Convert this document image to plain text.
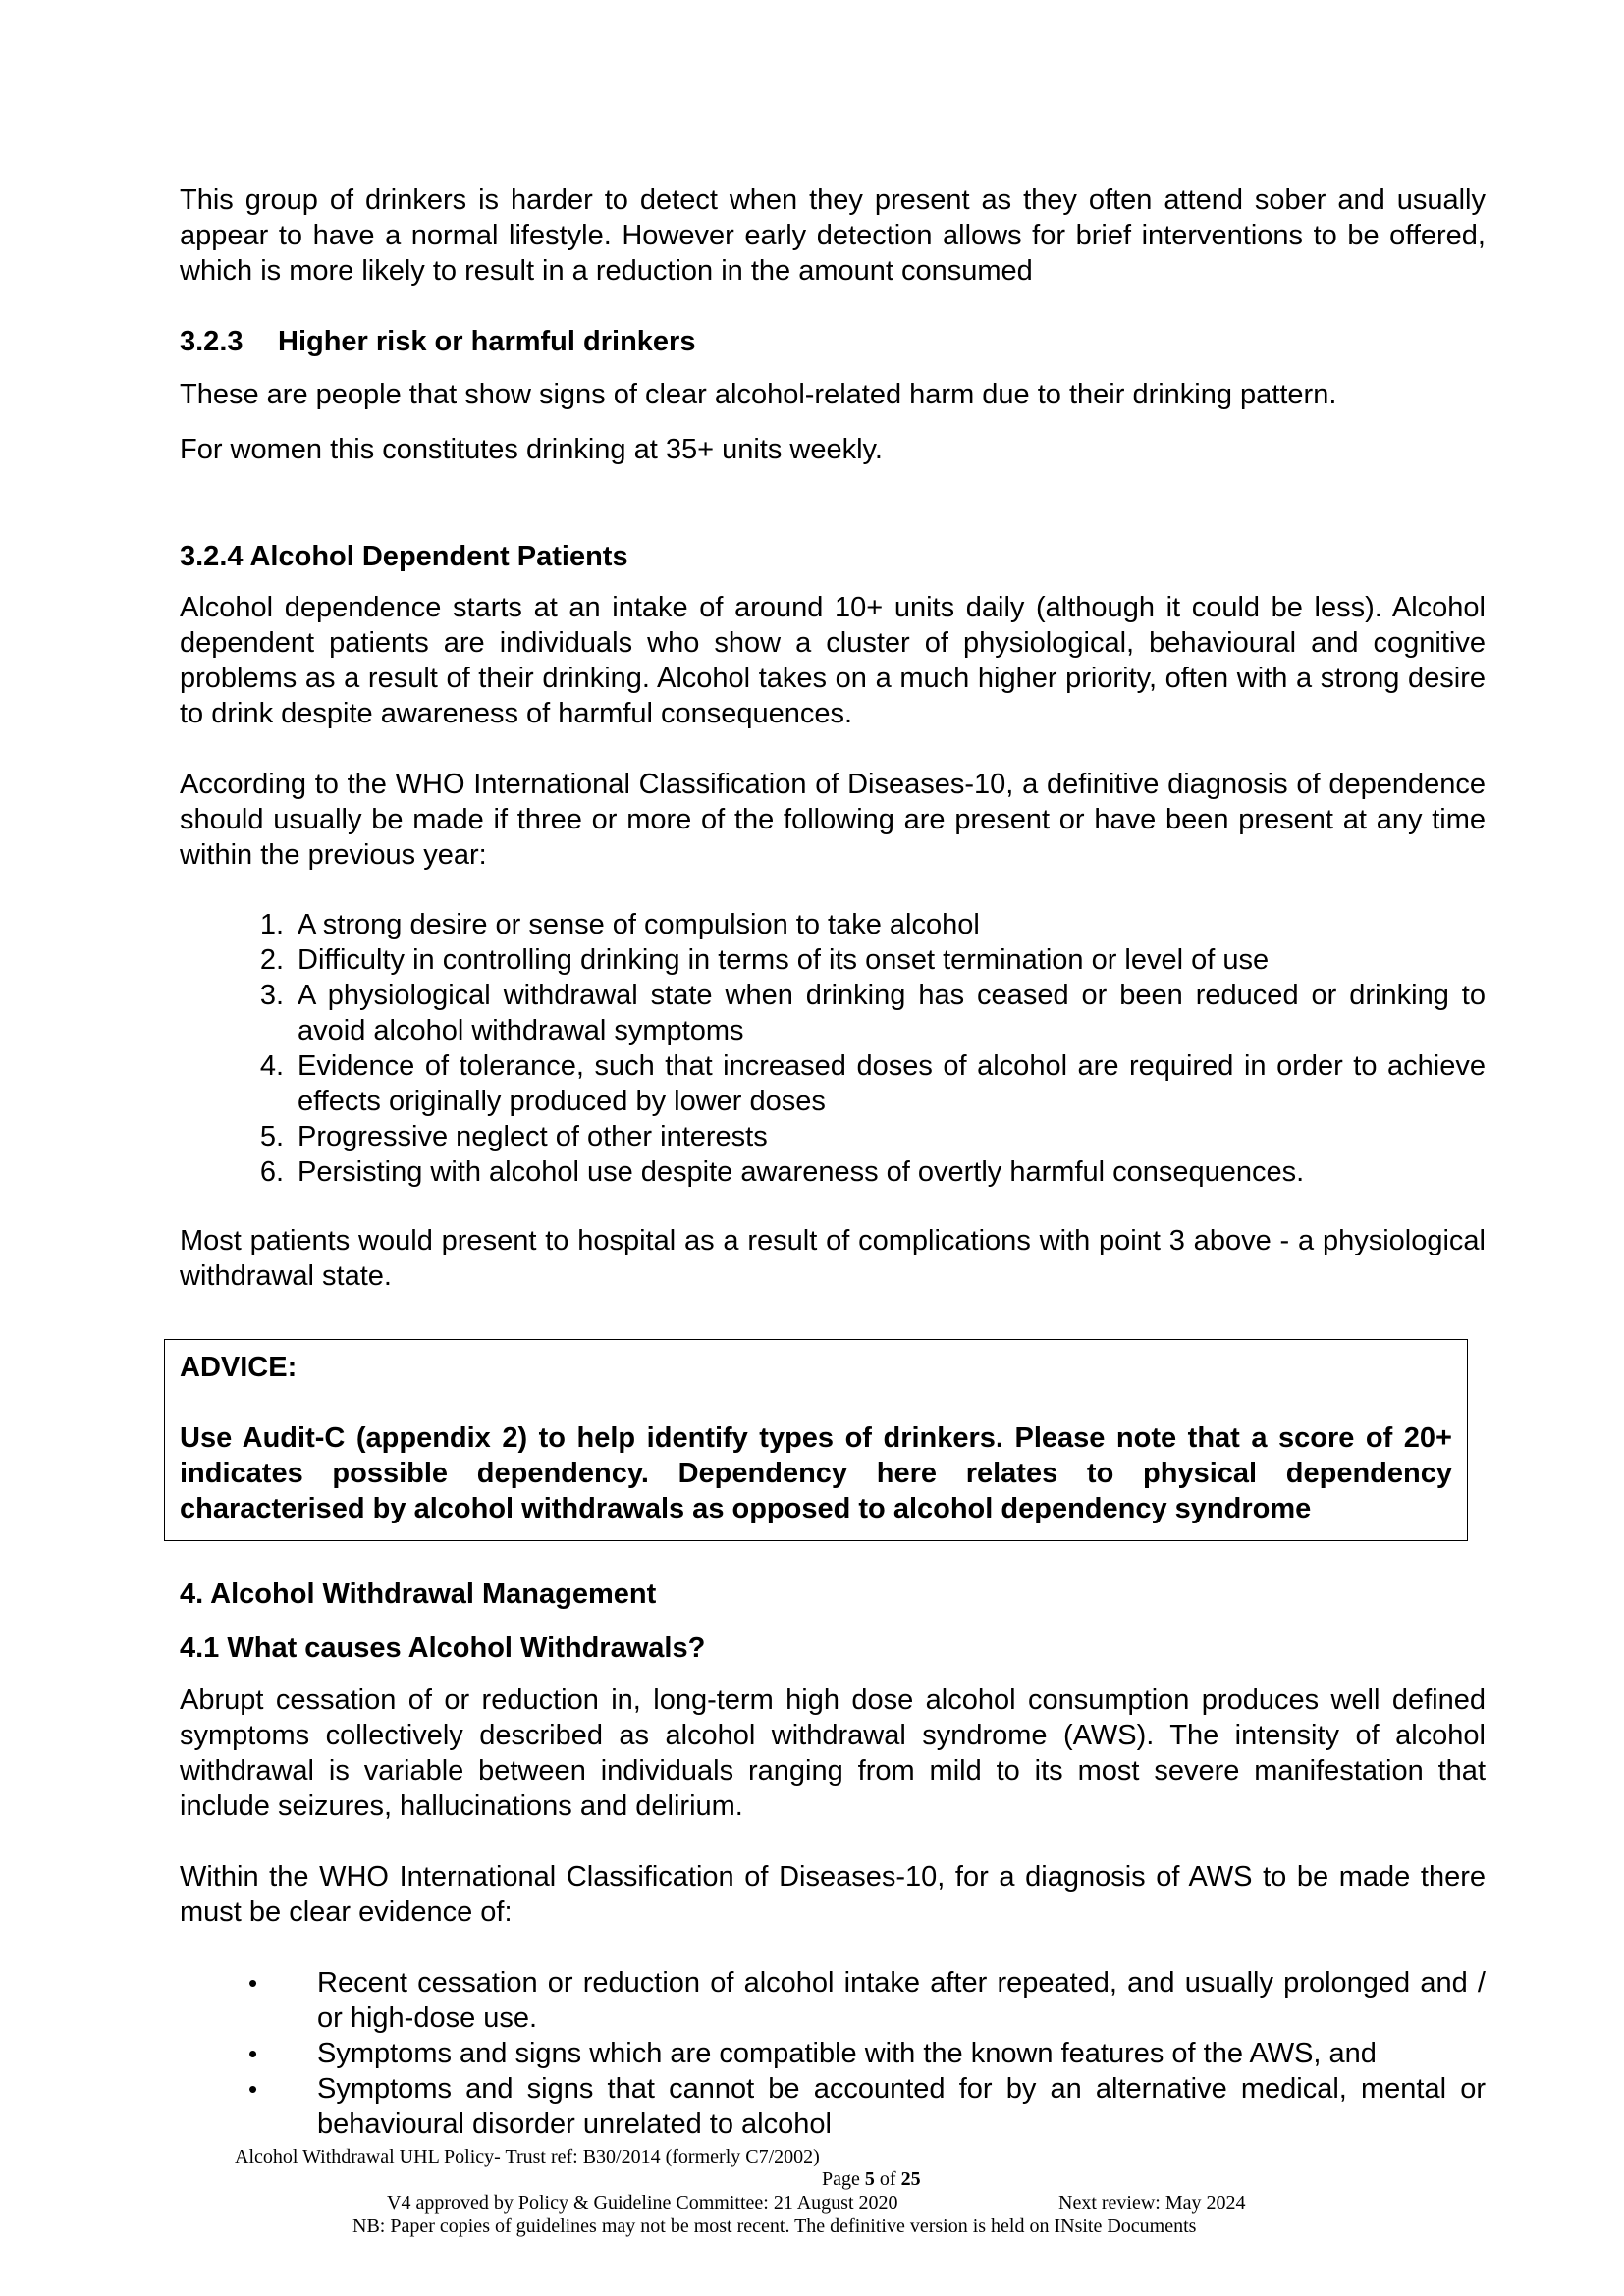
This group of drinkers is harder to detect when they present as they often attend sober and usually appear to have a normal lifestyle. However early detection allows for brief interventions to be offered, which is more likely to result in a reduction in the amount consumed

3.2.3 Higher risk or harmful drinkers

These are people that show signs of clear alcohol-related harm due to their drinking pattern.

For women this constitutes drinking at 35+ units weekly.

3.2.4 Alcohol Dependent Patients

Alcohol dependence starts at an intake of around 10+ units daily (although it could be less). Alcohol dependent patients are individuals who show a cluster of physiological, behavioural and cognitive problems as a result of their drinking. Alcohol takes on a much higher priority, often with a strong desire to drink despite awareness of harmful consequences.

According to the WHO International Classification of Diseases-10, a definitive diagnosis of dependence should usually be made if three or more of the following are present or have been present at any time within the previous year:

1. A strong desire or sense of compulsion to take alcohol
2. Difficulty in controlling drinking in terms of its onset termination or level of use
3. A physiological withdrawal state when drinking has ceased or been reduced or drinking to avoid alcohol withdrawal symptoms
4. Evidence of tolerance, such that increased doses of alcohol are required in order to achieve effects originally produced by lower doses
5. Progressive neglect of other interests
6. Persisting with alcohol use despite awareness of overtly harmful consequences.

Most patients would present to hospital as a result of complications with point 3 above - a physiological withdrawal state.

ADVICE:

Use Audit-C (appendix 2) to help identify types of drinkers. Please note that a score of 20+ indicates possible dependency. Dependency here relates to physical dependency characterised by alcohol withdrawals as opposed to alcohol dependency syndrome

4. Alcohol Withdrawal Management
4.1 What causes Alcohol Withdrawals?

Abrupt cessation of or reduction in, long-term high dose alcohol consumption produces well defined symptoms collectively described as alcohol withdrawal syndrome (AWS). The intensity of alcohol withdrawal is variable between individuals ranging from mild to its most severe manifestation that include seizures, hallucinations and delirium.

Within the WHO International Classification of Diseases-10, for a diagnosis of AWS to be made there must be clear evidence of:

• Recent cessation or reduction of alcohol intake after repeated, and usually prolonged and / or high-dose use.
• Symptoms and signs which are compatible with the known features of the AWS, and
• Symptoms and signs that cannot be accounted for by an alternative medical, mental or behavioural disorder unrelated to alcohol
Alcohol Withdrawal UHL Policy- Trust ref: B30/2014 (formerly C7/2002)
Page 5 of 25
V4 approved by Policy & Guideline Committee: 21 August 2020	Next review: May 2024
NB: Paper copies of guidelines may not be most recent. The definitive version is held on INsite Documents
